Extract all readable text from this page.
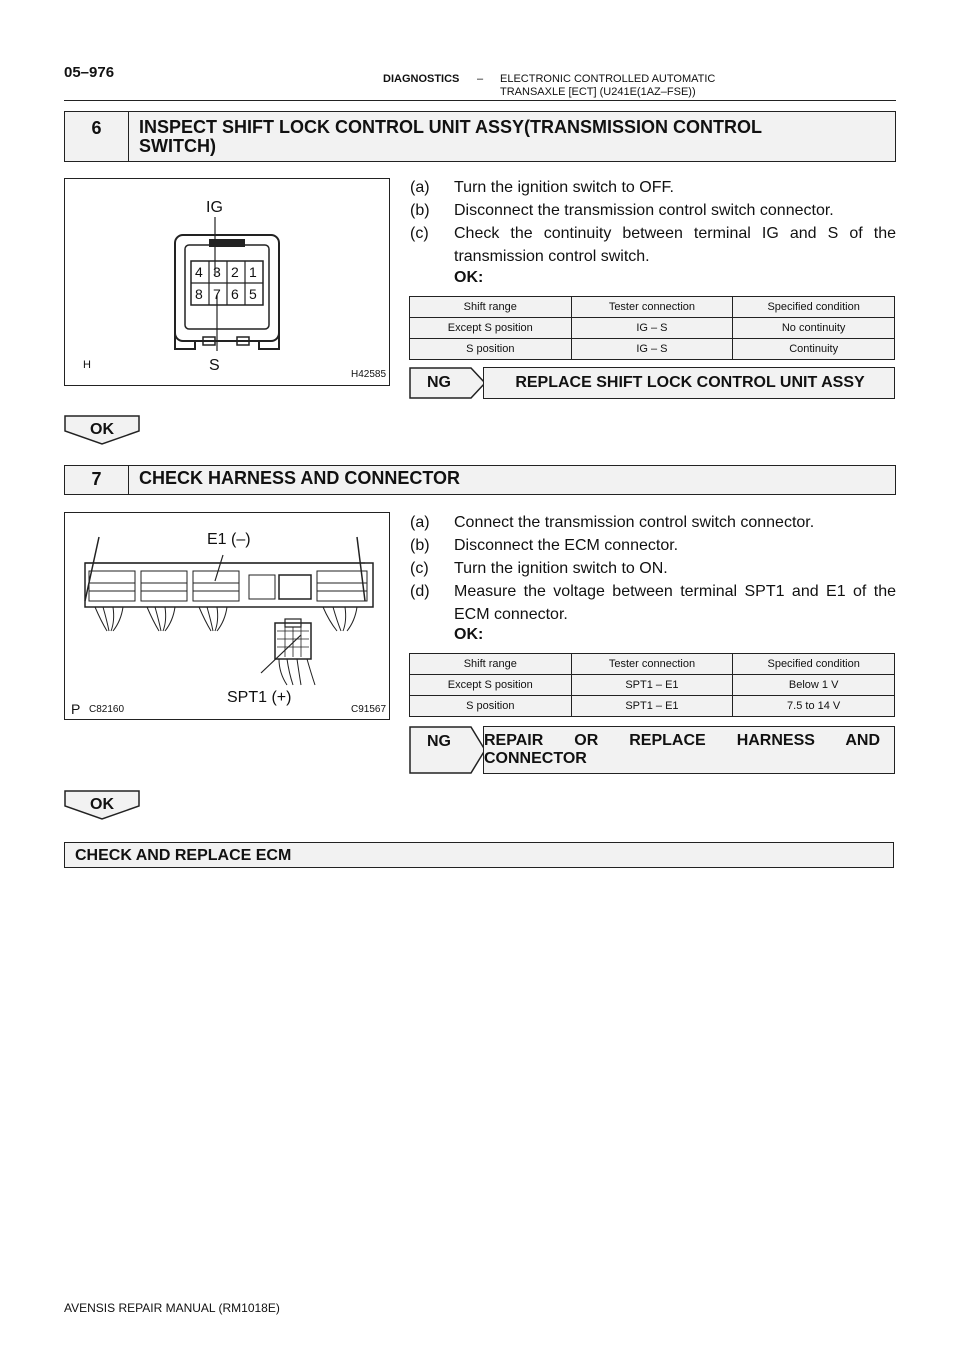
05–976	DIAGNOSTICS – ELECTRONIC CONTROLLED AUTOMATIC
TRANSAXLE [ECT] (U241E(1AZ–FSE))
6	INSPECT SHIFT LOCK CONTROL UNIT ASSY(TRANSMISSION CONTROL
SWITCH)
IG
S
4 3 2 1
8 7 6 5
H
H42585
(a) Turn the ignition switch to OFF.
(b) Disconnect the transmission control switch connector.
(c) Check the continuity between terminal IG and S of the transmission control switch.
OK:
Shift range	Tester connection	Specified condition
Except S position	IG – S	No continuity
S position	IG – S	Continuity
NG	REPLACE SHIFT LOCK CONTROL UNIT ASSY
OK
7	CHECK HARNESS AND CONNECTOR
E1 (–)
SPT1 (+)
P C82160	C91567
(a) Connect the transmission control switch connector.
(b) Disconnect the ECM connector.
(c) Turn the ignition switch to ON.
(d) Measure the voltage between terminal SPT1 and E1 of the ECM connector.
OK:
Shift range	Tester connection	Specified condition
Except S position	SPT1 – E1	Below 1 V
S position	SPT1 – E1	7.5 to 14 V
NG REPAIR OR REPLACE HARNESS AND
CONNECTOR
OK
CHECK AND REPLACE ECM
AVENSIS REPAIR MANUAL (RM1018E)
